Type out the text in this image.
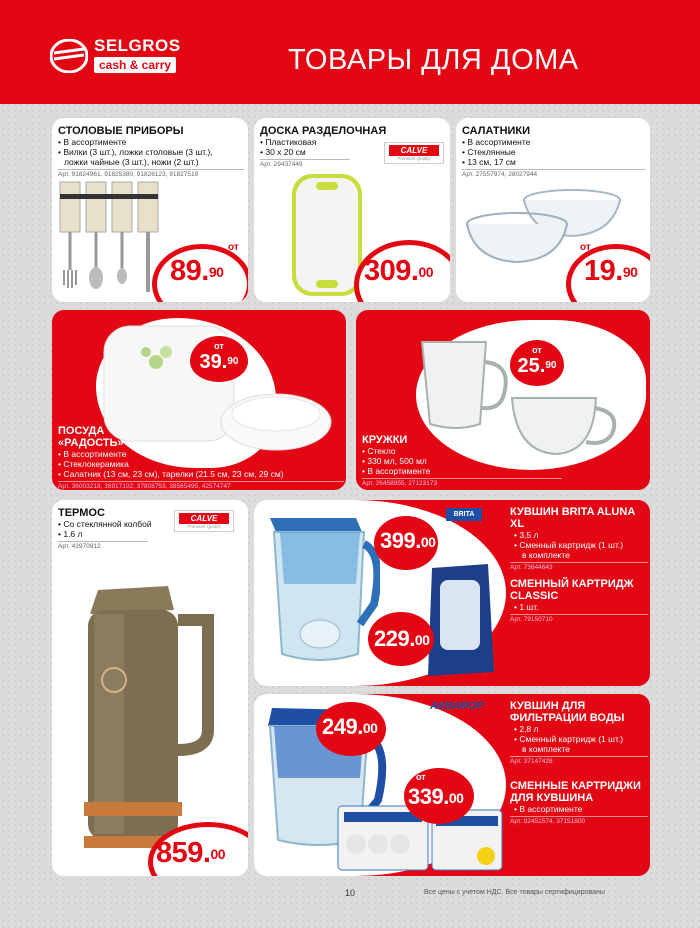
SELGROS
cash & carry	ТОВАРЫ ДЛЯ ДОМА
СТОЛОВЫЕ ПРИБОРЫ
• В ассортименте
• Вилки (3 шт.), ложки столовые (3 шт.),
ложки чайные (3 шт.), ножи (2 шт.)
Арт. 91824961, 91825380, 91826123, 91827519
от
89.90
ДОСКА РАЗДЕЛОЧНАЯ
• Пластиковая
• 30 x 20 см
Арт. 29437449
CALVE
Premium Quality
309.00
САЛАТНИКИ
• В ассортименте
• Стеклянные
• 13 см, 17 см
Арт. 27557974, 28027944
от
19.90
ПОСУДА
«РАДОСТЬ»
• В ассортименте
• Стеклокерамика
• Салатник (13 см, 23 см), тарелки (21.5 см, 23 см, 29 см)
Арт. 36003218, 36917102, 37808753, 38565495, 42574747
от
39.90
КРУЖКИ
• Стекло
• 330 мл, 500 мл
• В ассортименте
Арт. 26458955, 27123173
от
25.90
ТЕРМОС
• Со стеклянной колбой
• 1.6 л
Арт. 43970912
CALVE
Premium Quality
859.00
BRITA
399.00
229.00
КУВШИН BRITA ALUNA XL
• 3,5 л
• Сменный картридж (1 шт.)
в комплекте
Арт. 73644643
СМЕННЫЙ КАРТРИДЖ
CLASSIC
• 1 шт.
Арт. 79150710
АКВАФОР
249.00
от
339.00
КУВШИН ДЛЯ
ФИЛЬТРАЦИИ ВОДЫ
• 2,8 л
• Сменный картридж (1 шт.)
в комплекте
Арт. 37147428
СМЕННЫЕ КАРТРИДЖИ
ДЛЯ КУВШИНА
• В ассортименте
Арт. 92451574, 37151800
10	Все цены с учетом НДС. Все товары сертифицированы
